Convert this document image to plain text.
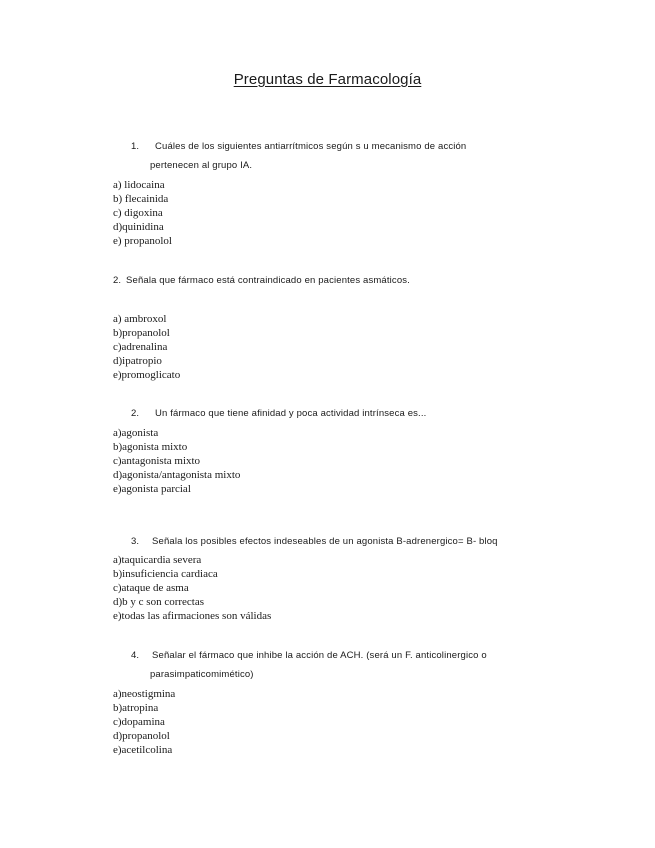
Preguntas de Farmacología
1. Cuáles de los siguientes antiarrítmicos según s u mecanismo de acción
pertenecen al grupo IA.
a) lidocaina
b) flecainida
c) digoxina
d)quinidina
e) propanolol
2. Señala que fármaco está contraindicado en pacientes asmáticos.
a) ambroxol
b)propanolol
c)adrenalina
d)ipatropio
e)promoglicato
2. Un fármaco que tiene afinidad y poca actividad intrínseca es...
a)agonista
b)agonista mixto
c)antagonista mixto
d)agonista/antagonista mixto
e)agonista parcial
3. Señala los posibles efectos indeseables de un agonista B-adrenergico= B- bloq
a)taquicardia severa
b)insuficiencia cardiaca
c)ataque de asma
d)b y c son correctas
e)todas las afirmaciones son válidas
4. Señalar el fármaco que inhibe la acción de ACH. (será un F. anticolinergico o
parasimpaticomimético)
a)neostigmina
b)atropina
c)dopamina
d)propanolol
e)acetilcolina
